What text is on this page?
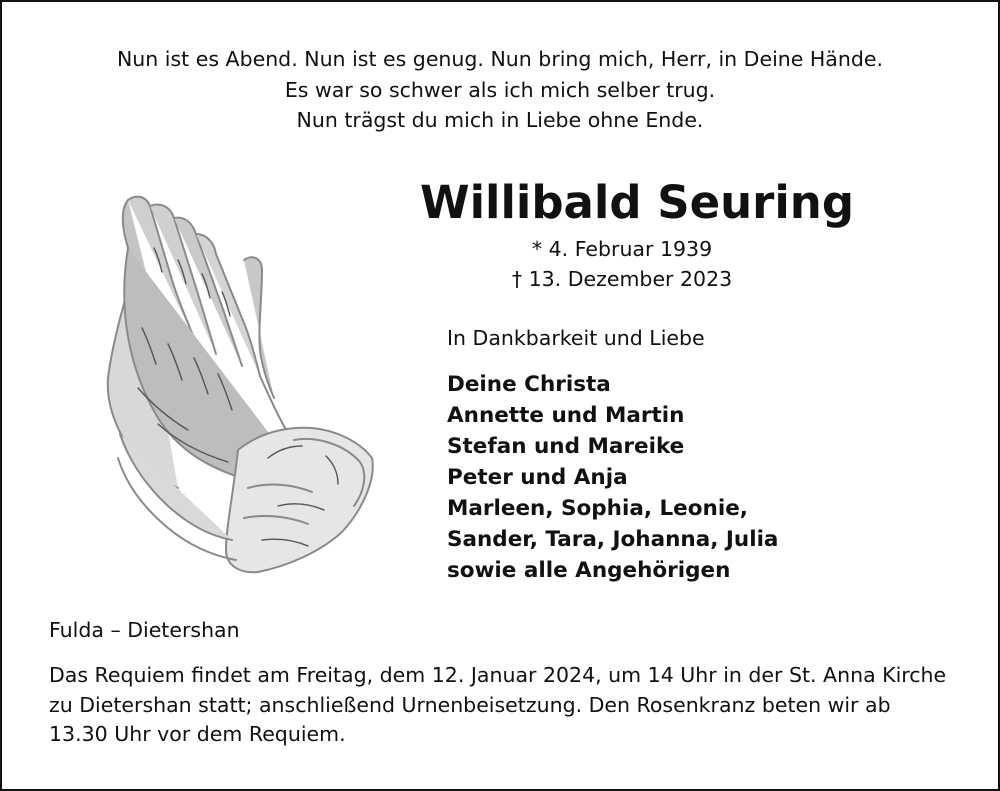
Nun ist es Abend. Nun ist es genug. Nun bring mich, Herr, in Deine Hände.
Es war so schwer als ich mich selber trug.
Nun trägst du mich in Liebe ohne Ende.
Willibald Seuring
* 4. Februar 1939
† 13. Dezember 2023
In Dankbarkeit und Liebe
Deine Christa
Annette und Martin
Stefan und Mareike
Peter und Anja
Marleen, Sophia, Leonie,
Sander, Tara, Johanna, Julia
sowie alle Angehörigen
Fulda – Dietershan
Das Requiem findet am Freitag, dem 12. Januar 2024, um 14 Uhr in der St. Anna Kirche
zu Dietershan statt; anschließend Urnenbeisetzung. Den Rosenkranz beten wir ab
13.30 Uhr vor dem Requiem.
